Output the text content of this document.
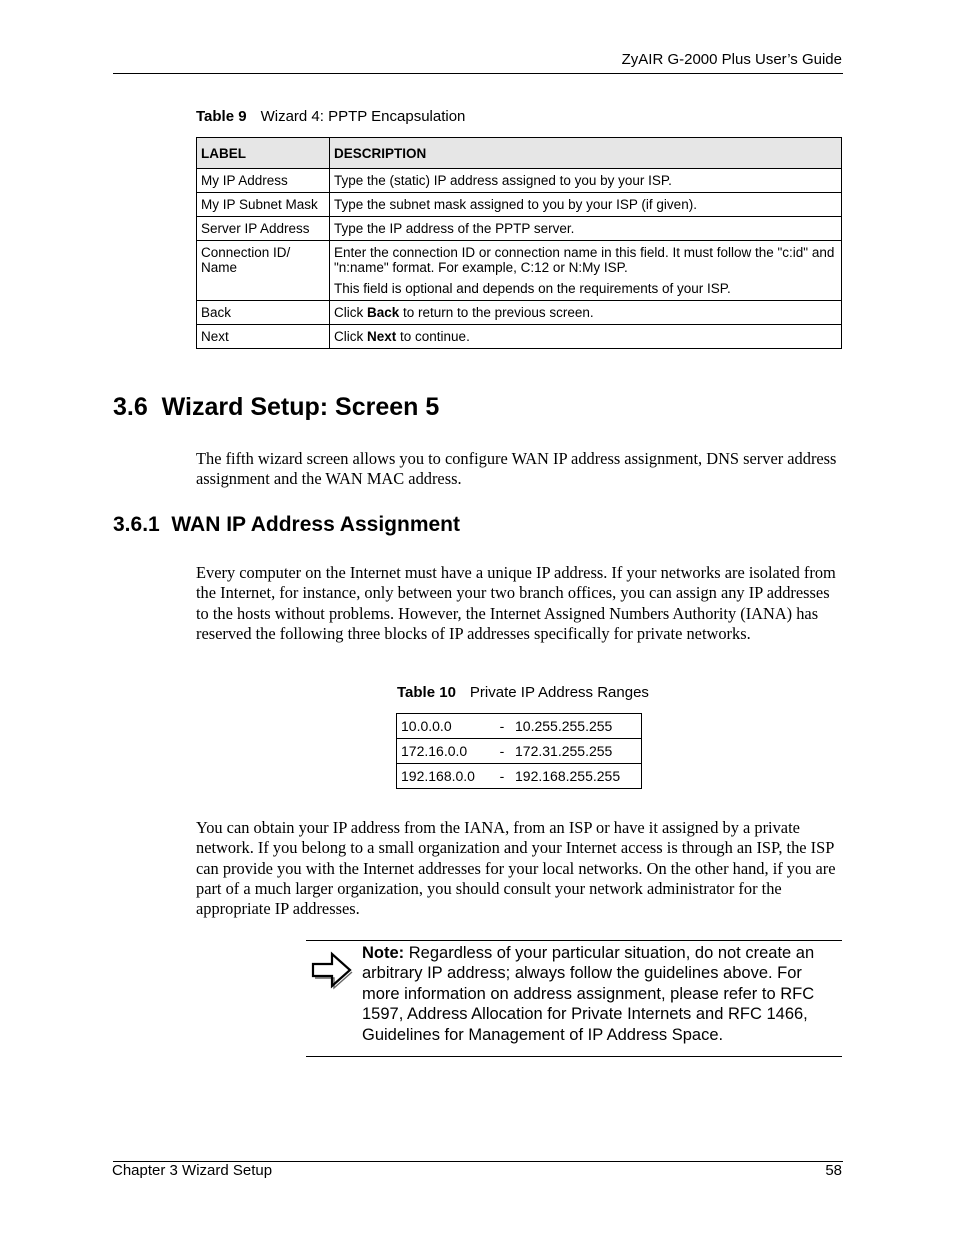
ZyAIR G-2000 Plus User’s Guide
Table 9 Wizard 4: PPTP Encapsulation
LABEL	DESCRIPTION
My IP Address	Type the (static) IP address assigned to you by your ISP.
My IP Subnet Mask	Type the subnet mask assigned to you by your ISP (if given).
Server IP Address	Type the IP address of the PPTP server.
Connection ID/ Name	Enter the connection ID or connection name in this field. It must follow the "c:id" and "n:name" format. For example, C:12 or N:My ISP.

This field is optional and depends on the requirements of your ISP.

Back	Click Back to return to the previous screen.
Next	Click Next to continue.
3.6  Wizard Setup: Screen 5

The fifth wizard screen allows you to configure WAN IP address assignment, DNS server address assignment and the WAN MAC address.

3.6.1  WAN IP Address Assignment

Every computer on the Internet must have a unique IP address. If your networks are isolated from the Internet, for instance, only between your two branch offices, you can assign any IP addresses to the hosts without problems. However, the Internet Assigned Numbers Authority (IANA) has reserved the following three blocks of IP addresses specifically for private networks.

Table 10 Private IP Address Ranges
10.0.0.0	-	10.255.255.255
172.16.0.0	-	172.31.255.255
192.168.0.0	-	192.168.255.255

You can obtain your IP address from the IANA, from an ISP or have it assigned by a private network. If you belong to a small organization and your Internet access is through an ISP, the ISP can provide you with the Internet addresses for your local networks. On the other hand, if you are part of a much larger organization, you should consult your network administrator for the appropriate IP addresses.

Note: Regardless of your particular situation, do not create an arbitrary IP address; always follow the guidelines above. For more information on address assignment, please refer to RFC 1597, Address Allocation for Private Internets and RFC 1466, Guidelines for Management of IP Address Space.

Chapter 3 Wizard Setup	58
